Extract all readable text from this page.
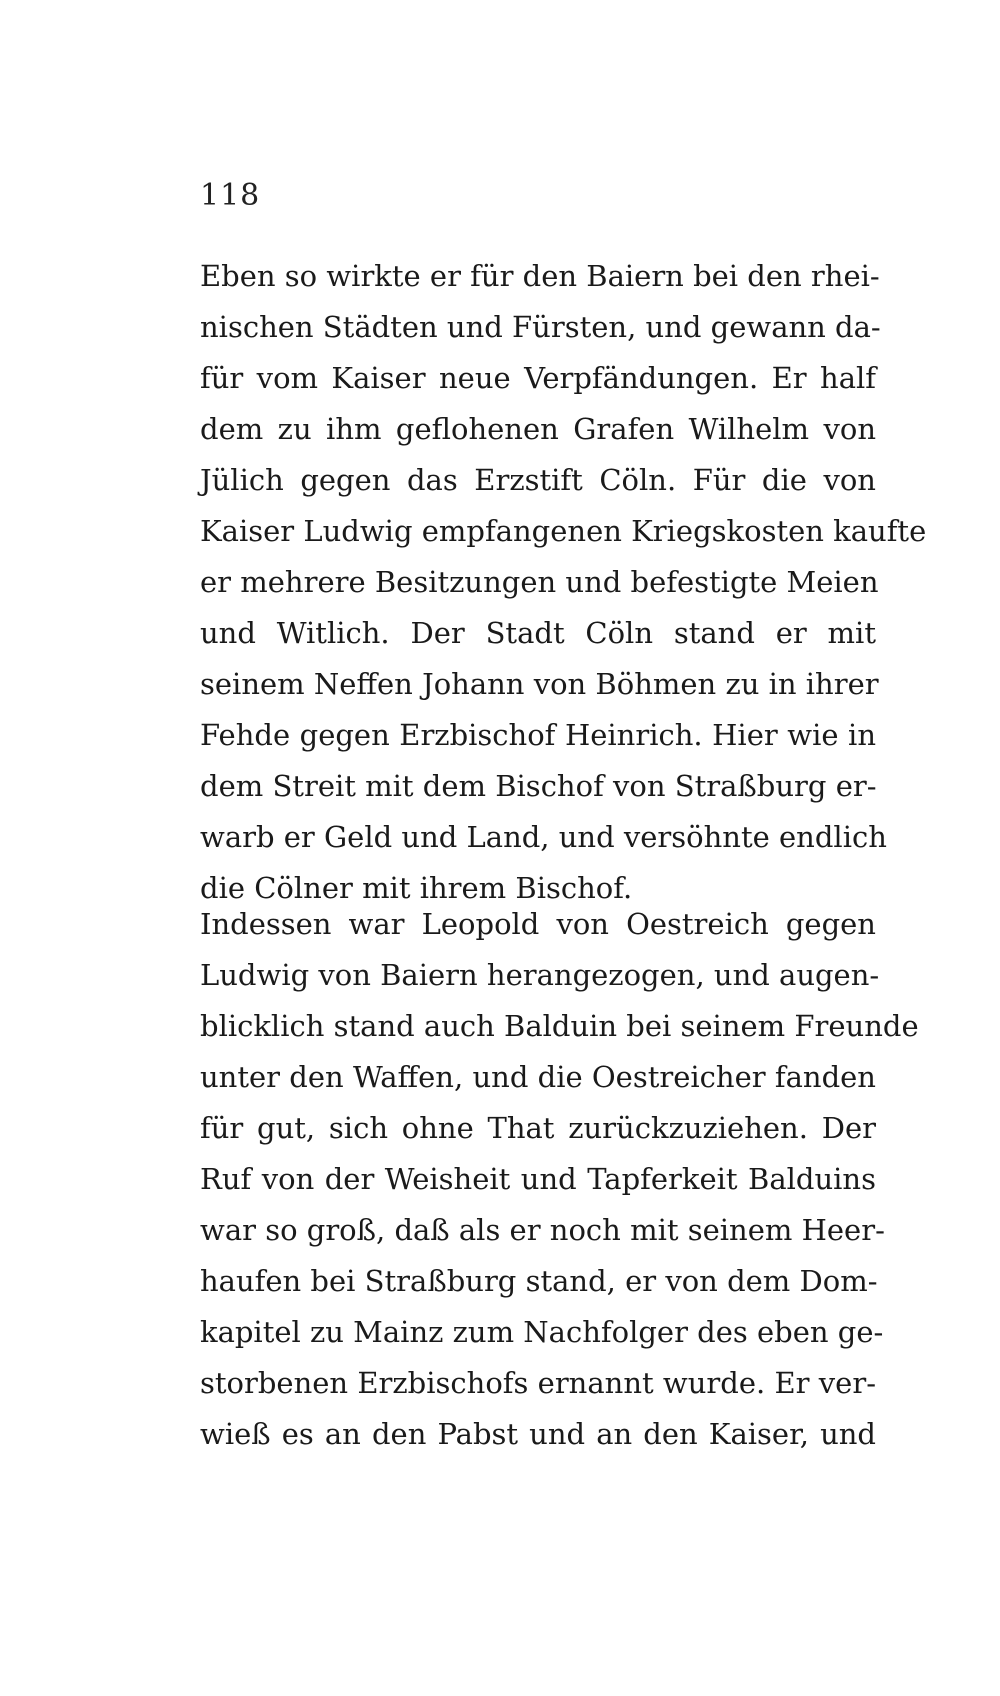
118
Eben so wirkte er für den Baiern bei den rhei-
nischen Städten und Fürsten, und gewann da-
für vom Kaiser neue Verpfändungen. Er half
dem zu ihm geflohenen Grafen Wilhelm von
Jülich gegen das Erzstift Cöln. Für die von
Kaiser Ludwig empfangenen Kriegskosten kaufte
er mehrere Besitzungen und befestigte Meien
und Witlich. Der Stadt Cöln stand er mit
seinem Neffen Johann von Böhmen zu in ihrer
Fehde gegen Erzbischof Heinrich. Hier wie in
dem Streit mit dem Bischof von Straßburg er-
warb er Geld und Land, und versöhnte endlich
die Cölner mit ihrem Bischof.
Indessen war Leopold von Oestreich gegen
Ludwig von Baiern herangezogen, und augen-
blicklich stand auch Balduin bei seinem Freunde
unter den Waffen, und die Oestreicher fanden
für gut, sich ohne That zurückzuziehen. Der
Ruf von der Weisheit und Tapferkeit Balduins
war so groß, daß als er noch mit seinem Heer-
haufen bei Straßburg stand, er von dem Dom-
kapitel zu Mainz zum Nachfolger des eben ge-
storbenen Erzbischofs ernannt wurde. Er ver-
wieß es an den Pabst und an den Kaiser, und
